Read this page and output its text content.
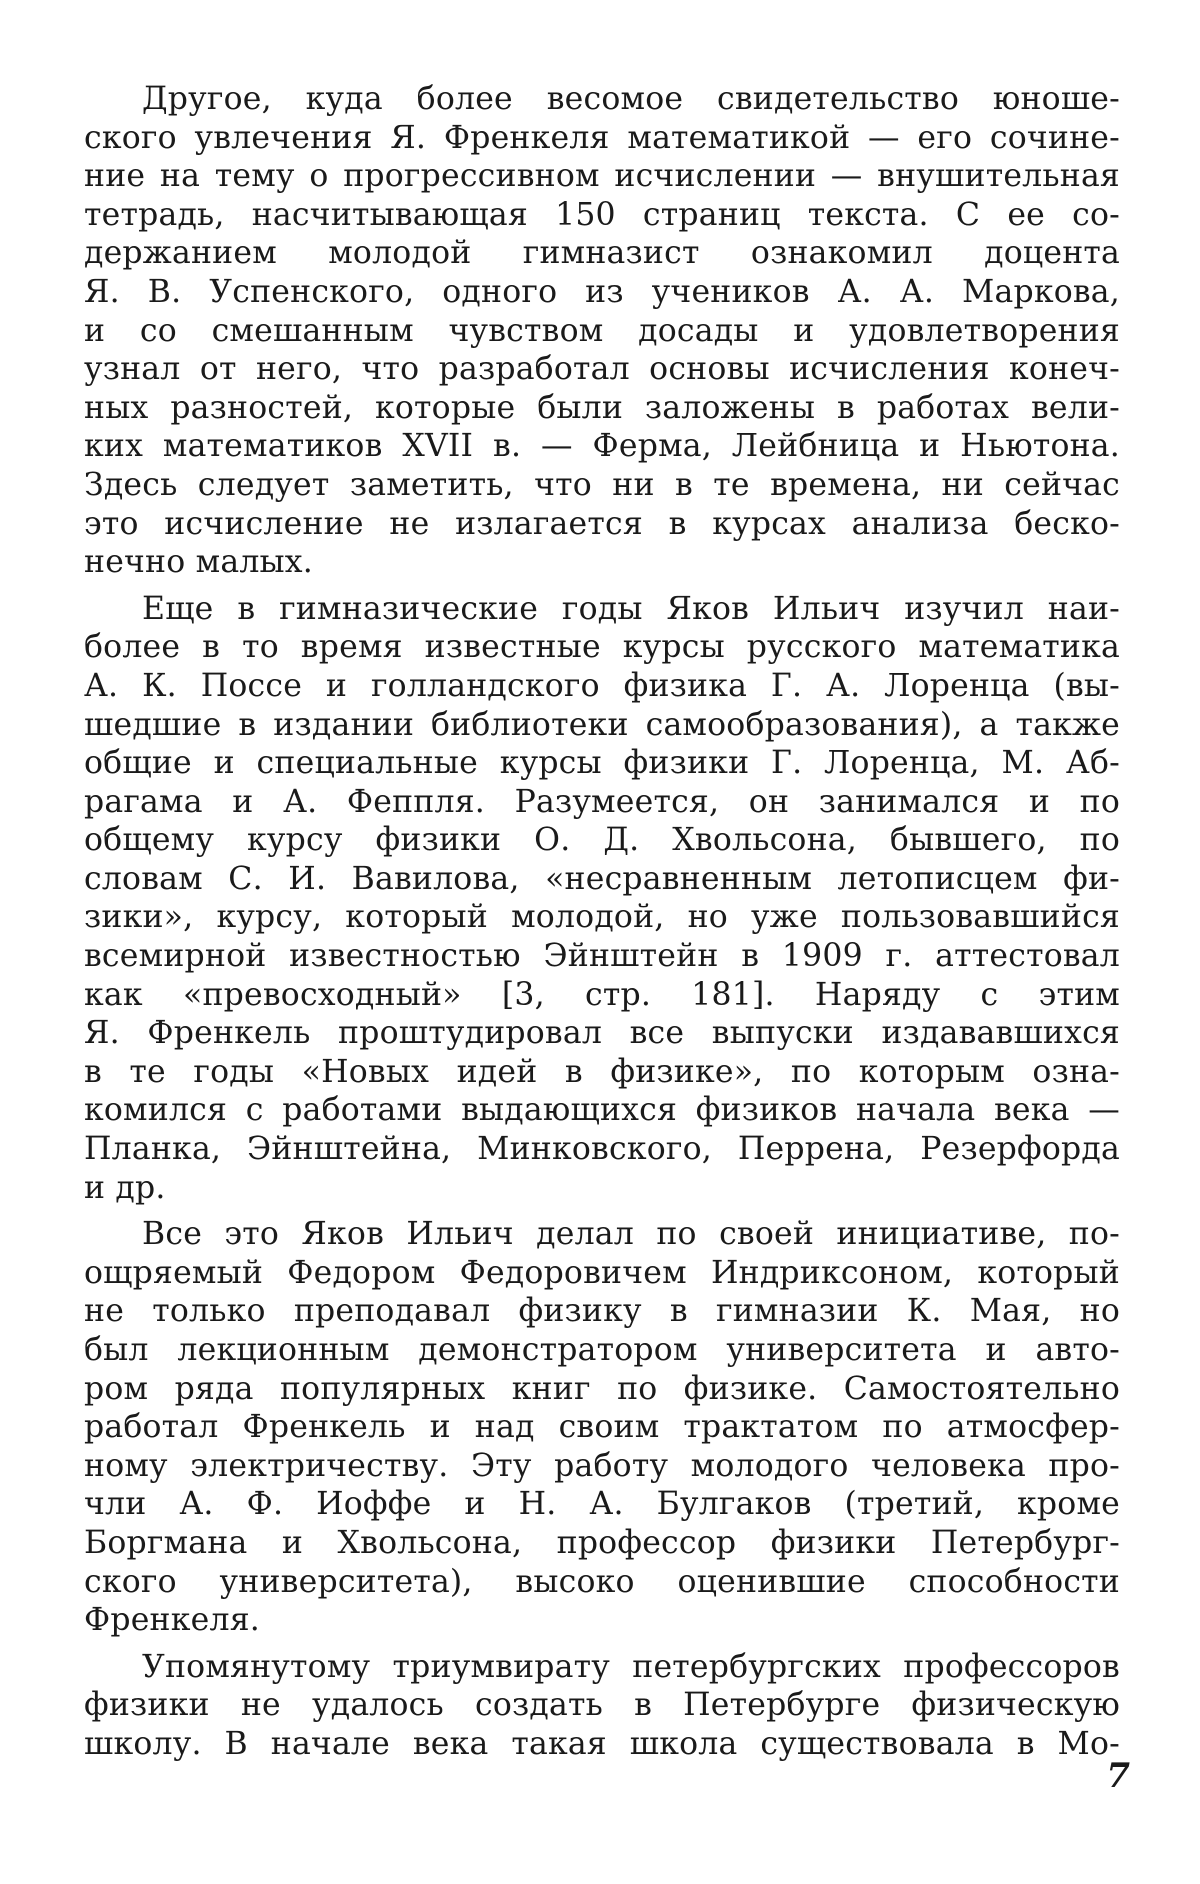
Другое, куда более весомое свидетельство юноше-
ского увлечения Я. Френкеля математикой — его сочине-
ние на тему о прогрессивном исчислении — внушительная
тетрадь, насчитывающая 150 страниц текста. С ее со-
держанием молодой гимназист ознакомил доцента
Я. В. Успенского, одного из учеников А. А. Маркова,
и со смешанным чувством досады и удовлетворения
узнал от него, что разработал основы исчисления конеч-
ных разностей, которые были заложены в работах вели-
ких математиков XVII в. — Ферма, Лейбница и Ньютона.
Здесь следует заметить, что ни в те времена, ни сейчас
это исчисление не излагается в курсах анализа беско-
нечно малых.
Еще в гимназические годы Яков Ильич изучил наи-
более в то время известные курсы русского математика
А. К. Поссе и голландского физика Г. А. Лоренца (вы-
шедшие в издании библиотеки самообразования), а также
общие и специальные курсы физики Г. Лоренца, М. Аб-
рагама и А. Феппля. Разумеется, он занимался и по
общему курсу физики О. Д. Хвольсона, бывшего, по
словам С. И. Вавилова, «несравненным летописцем фи-
зики», курсу, который молодой, но уже пользовавшийся
всемирной известностью Эйнштейн в 1909 г. аттестовал
как «превосходный» [3, стр. 181]. Наряду с этим
Я. Френкель проштудировал все выпуски издававшихся
в те годы «Новых идей в физике», по которым озна-
комился с работами выдающихся физиков начала века —
Планка, Эйнштейна, Минковского, Перрена, Резерфорда
и др.
Все это Яков Ильич делал по своей инициативе, по-
ощряемый Федором Федоровичем Индриксоном, который
не только преподавал физику в гимназии К. Мая, но
был лекционным демонстратором университета и авто-
ром ряда популярных книг по физике. Самостоятельно
работал Френкель и над своим трактатом по атмосфер-
ному электричеству. Эту работу молодого человека про-
чли А. Ф. Иоффе и Н. А. Булгаков (третий, кроме
Боргмана и Хвольсона, профессор физики Петербург-
ского университета), высоко оценившие способности
Френкеля.
Упомянутому триумвирату петербургских профессоров
физики не удалось создать в Петербурге физическую
школу. В начале века такая школа существовала в Мо-
7
